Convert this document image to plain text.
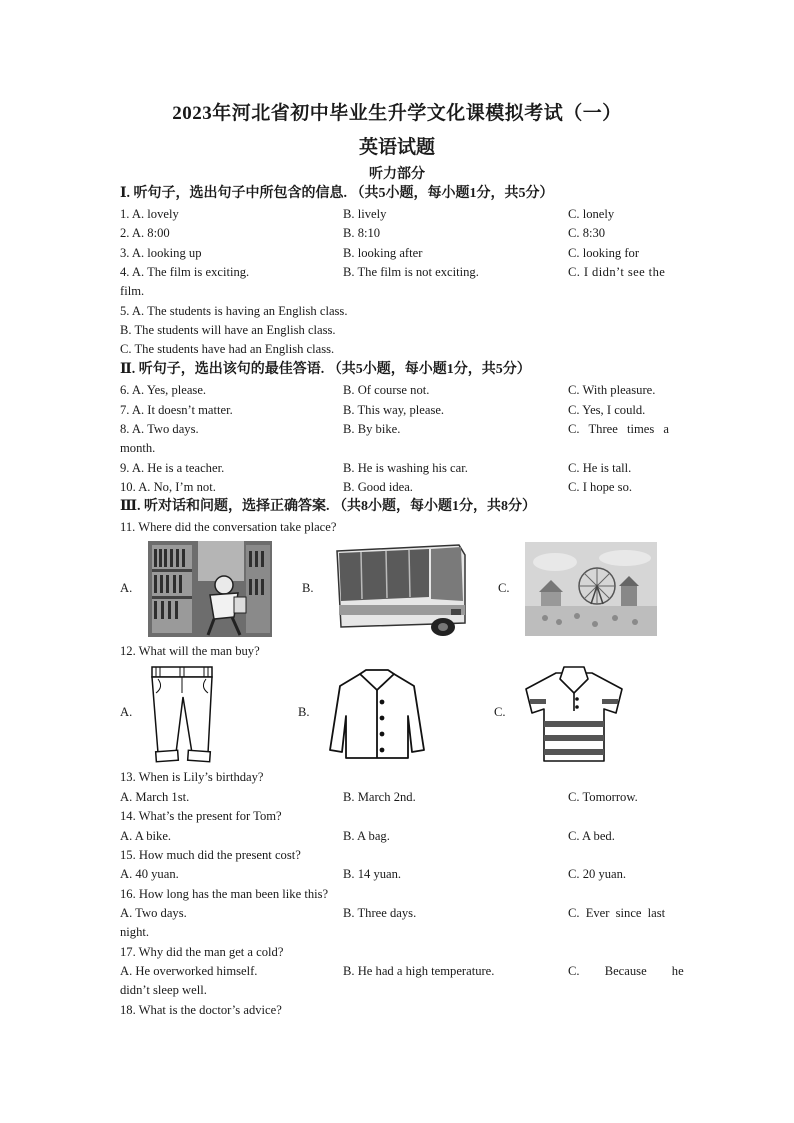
2023年河北省初中毕业生升学文化课模拟考试（一）
英语试题
听力部分
Ⅰ. 听句子，选出句子中所包含的信息. （共5小题，每小题1分，共5分）
1. A. lovely	B. lively	C. lonely
2. A. 8:00	B. 8:10	C. 8:30
3. A. looking up	B. looking after	C. looking for
4. A. The film is exciting.	B. The film is not exciting.	C. I didn’t see the
film.
5. A. The students is having an English class.
B. The students will have an English class.
C. The students have had an English class.
Ⅱ. 听句子，选出该句的最佳答语. （共5小题，每小题1分，共5分）
6. A. Yes, please.	B. Of course not.	C. With pleasure.
7. A. It doesn’t matter.	B. This way, please.	C. Yes, I could.
8. A. Two days.	B. By bike.	C. Three times a
month.
9. A. He is a teacher.	B. He is washing his car.	C. He is tall.
10. A. No, I’m not.	B. Good idea.	C. I hope so.
Ⅲ. 听对话和问题，选择正确答案. （共8小题，每小题1分，共8分）
11. Where did the conversation take place?
A.	B.	C.
12. What will the man buy?
A.	B.	C.
13. When is Lily’s birthday?
A. March 1st.	B. March 2nd.	C. Tomorrow.
14. What’s the present for Tom?
A. A bike.	B. A bag.	C. A bed.
15. How much did the present cost?
A. 40 yuan.	B. 14 yuan.	C. 20 yuan.
16. How long has the man been like this?
A. Two days.	B. Three days.	C. Ever since last
night.
17. Why did the man get a cold?
A. He overworked himself.	B. He had a high temperature.	C. Because he
didn’t sleep well.
18. What is the doctor’s advice?
